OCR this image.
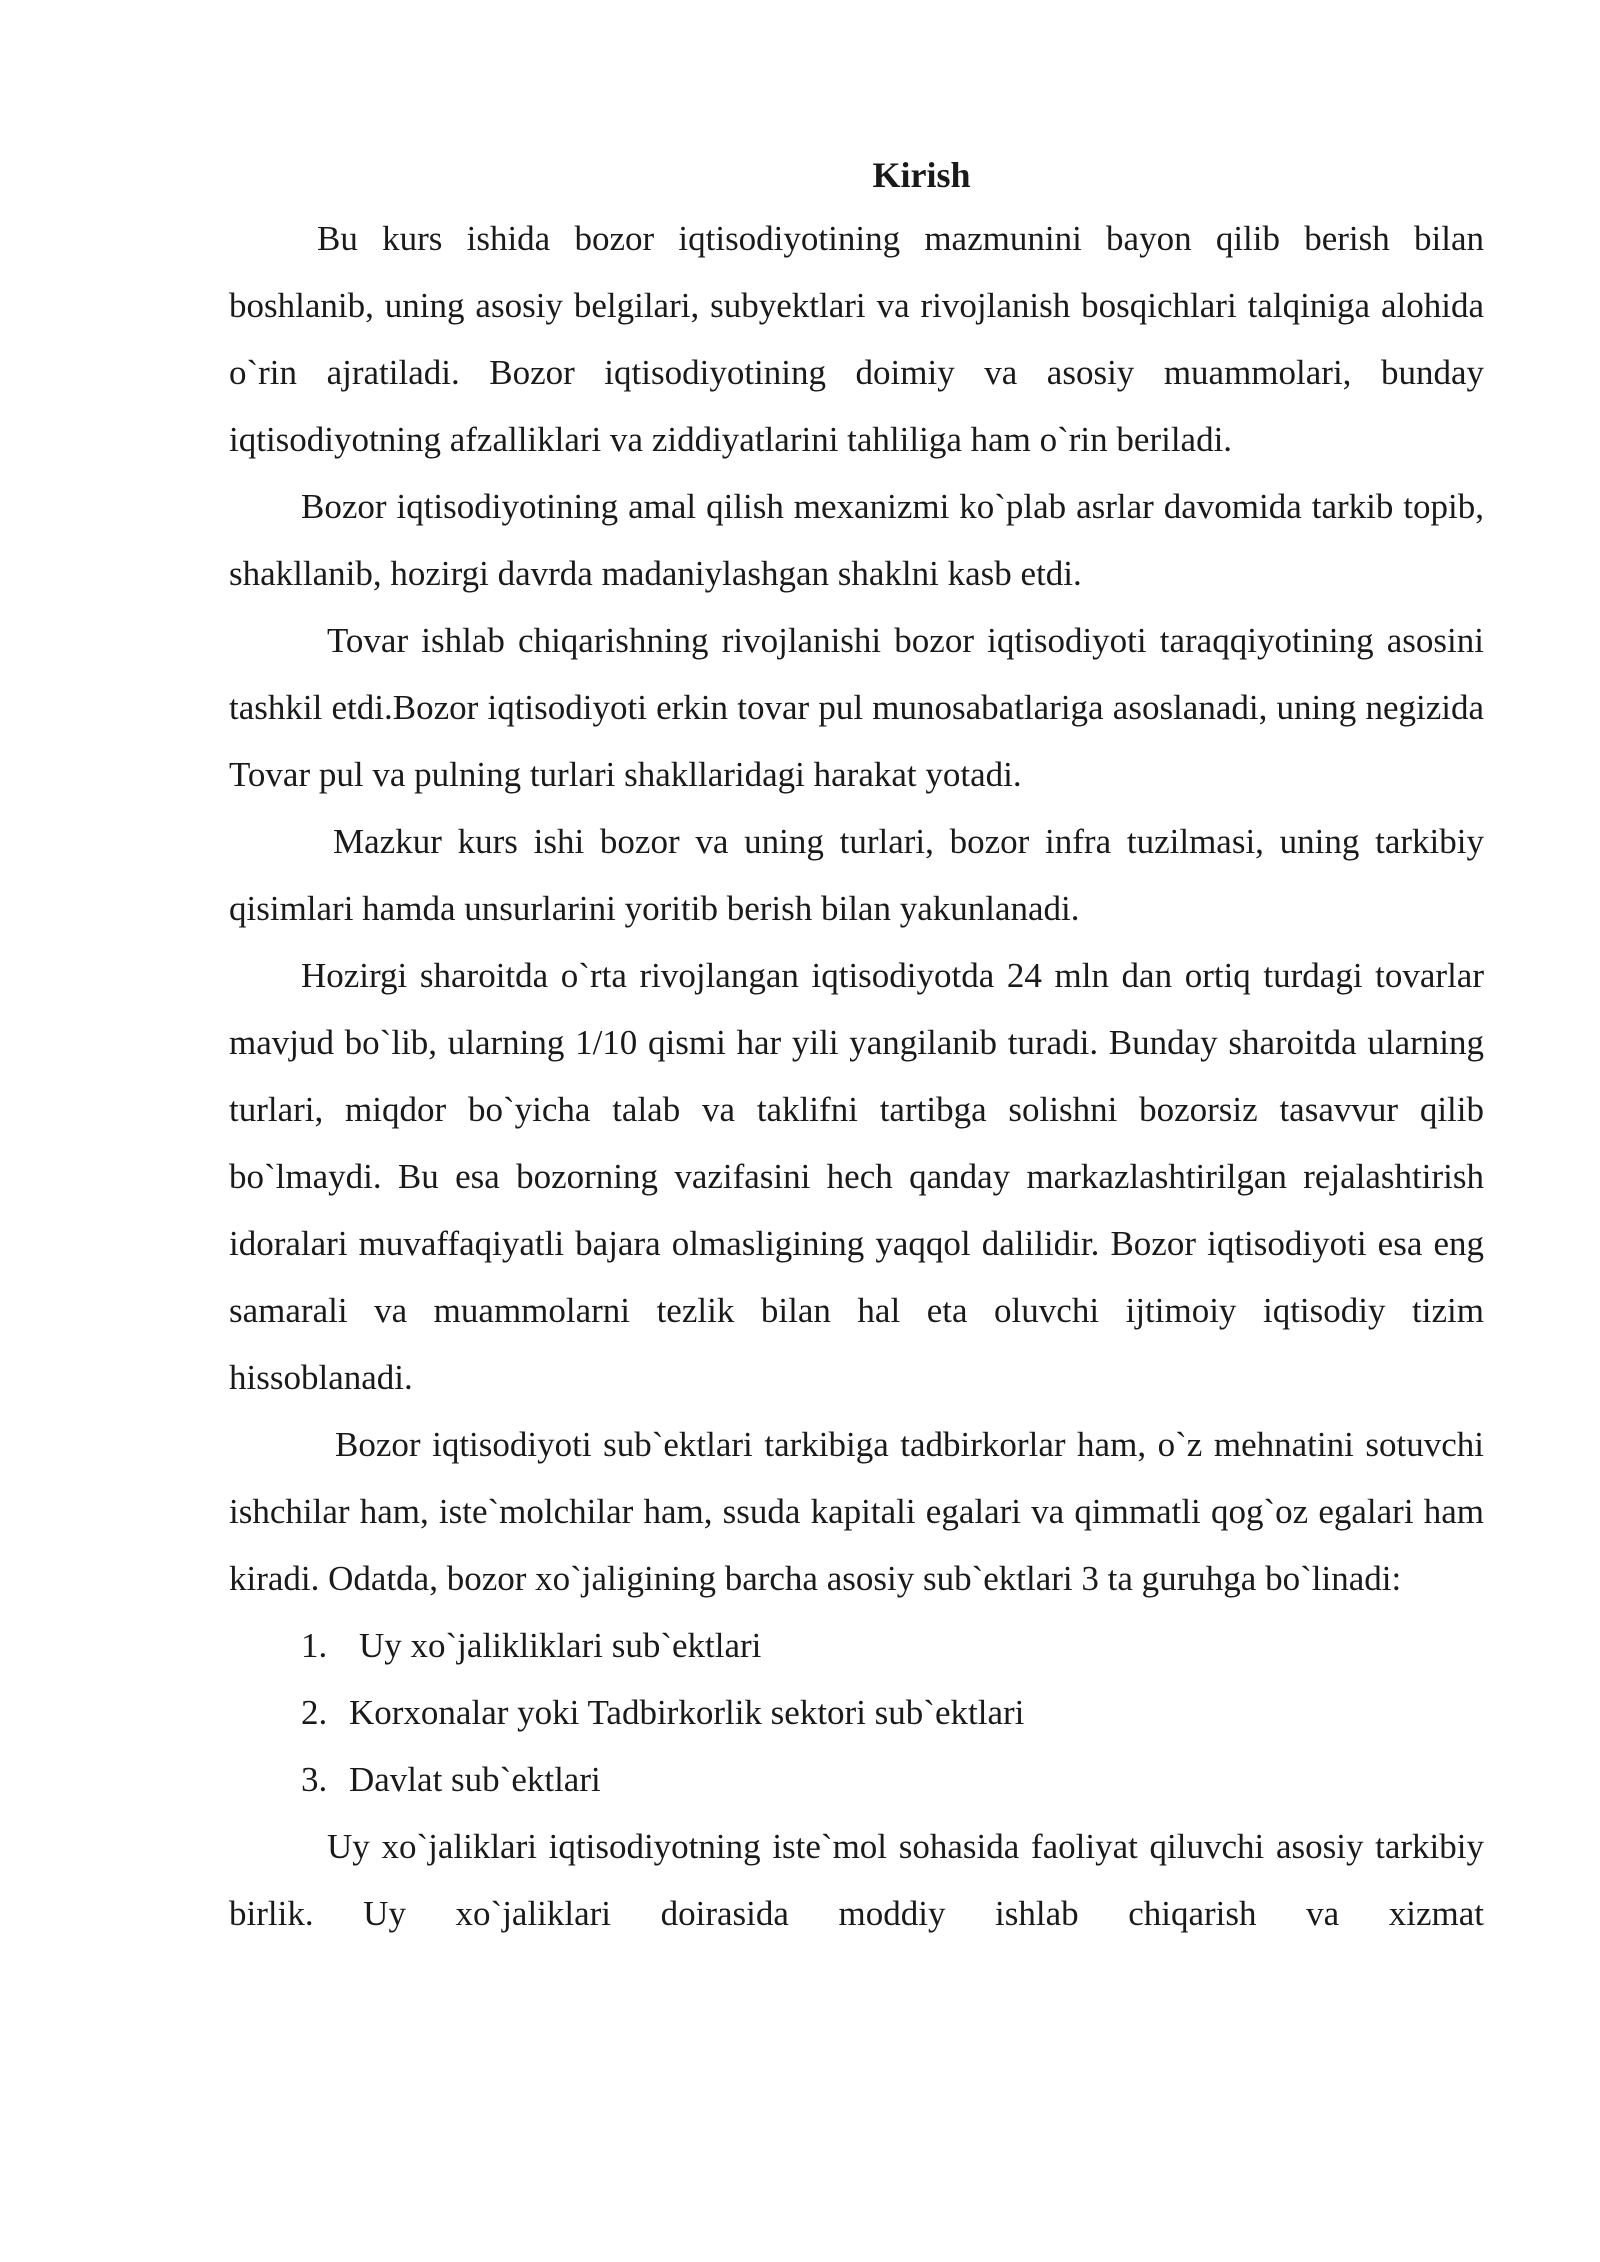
Kirish

Bu kurs ishida bozor iqtisodiyotining mazmunini bayon qilib berish bilan boshlanib, uning asosiy belgilari, subyektlari va rivojlanish bosqichlari talqiniga alohida o`rin ajratiladi. Bozor iqtisodiyotining doimiy va asosiy muammolari, bunday iqtisodiyotning afzalliklari va ziddiyatlarini tahliliga ham o`rin beriladi.

Bozor iqtisodiyotining amal qilish mexanizmi ko`plab asrlar davomida tarkib topib, shakllanib, hozirgi davrda madaniylashgan shaklni kasb etdi.

Tovar ishlab chiqarishning rivojlanishi bozor iqtisodiyoti taraqqiyotining asosini tashkil etdi.Bozor iqtisodiyoti erkin tovar pul munosabatlariga asoslanadi, uning negizida Tovar pul va pulning turlari shakllaridagi harakat yotadi.

Mazkur kurs ishi bozor va uning turlari, bozor infra tuzilmasi, uning tarkibiy qisimlari hamda unsurlarini yoritib berish bilan yakunlanadi.

Hozirgi sharoitda o`rta rivojlangan iqtisodiyotda 24 mln dan ortiq turdagi tovarlar mavjud bo`lib, ularning 1/10 qismi har yili yangilanib turadi. Bunday sharoitda ularning turlari, miqdor bo`yicha talab va taklifni tartibga solishni bozorsiz tasavvur qilib bo`lmaydi. Bu esa bozorning vazifasini hech qanday markazlashtirilgan rejalashtirish idoralari muvaffaqiyatli bajara olmasligining yaqqol dalilidir. Bozor iqtisodiyoti esa eng samarali va muammolarni tezlik bilan hal eta oluvchi ijtimoiy iqtisodiy tizim hissoblanadi.

Bozor iqtisodiyoti sub`ektlari tarkibiga tadbirkorlar ham, o`z mehnatini sotuvchi ishchilar ham, iste`molchilar ham, ssuda kapitali egalari va qimmatli qog`oz egalari ham kiradi. Odatda, bozor xo`jaligining barcha asosiy sub`ektlari 3 ta guruhga bo`linadi:

1. Uy xo`jalikliklari sub`ektlari
2. Korxonalar yoki Tadbirkorlik sektori sub`ektlari
3. Davlat sub`ektlari

Uy xo`jaliklari iqtisodiyotning iste`mol sohasida faoliyat qiluvchi asosiy tarkibiy birlik. Uy xo`jaliklari doirasida moddiy ishlab chiqarish va xizmat
